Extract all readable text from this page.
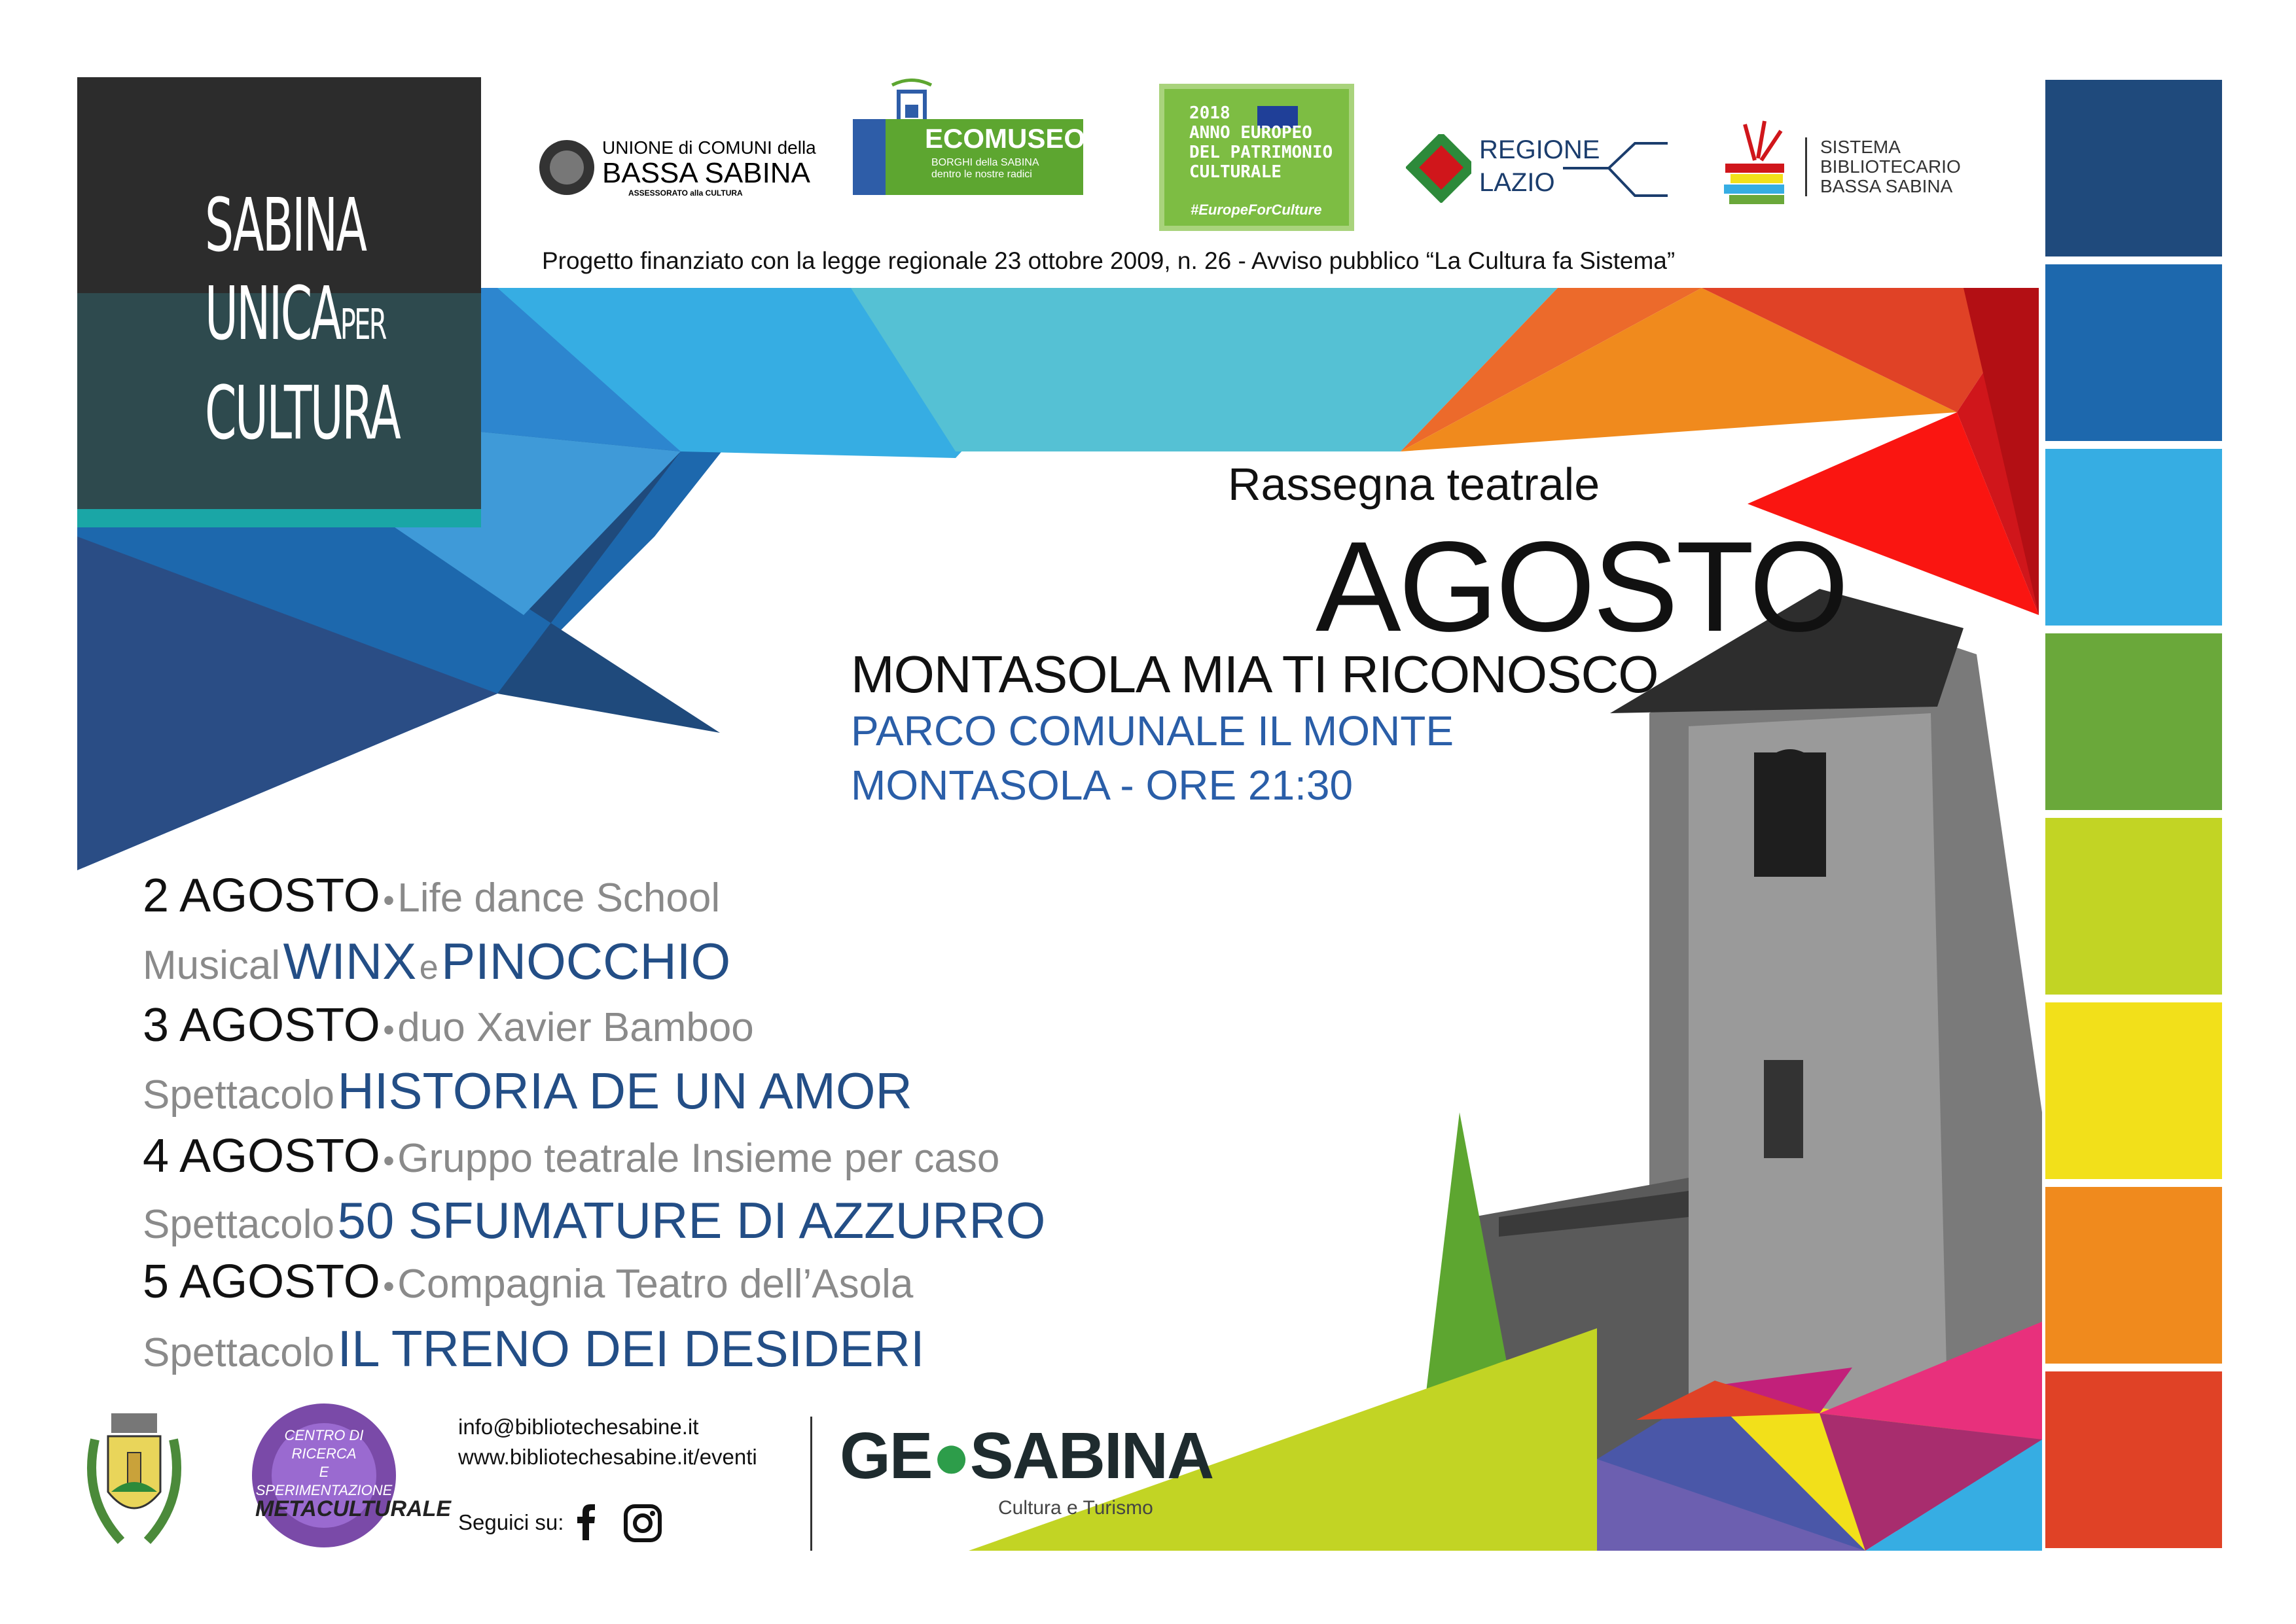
SABINA
UNICAPER
CULTURA
UNIONE di COMUNI della
BASSA SABINA
ASSESSORATO alla CULTURA
ECOMUSEO
BORGHI della SABINA
dentro le nostre radici
2018
ANNO EUROPEO
DEL PATRIMONIO
CULTURALE
#EuropeForCulture
REGIONE
LAZIO
SISTEMA
BIBLIOTECARIO
BASSA SABINA
Progetto finanziato con la legge regionale 23 ottobre 2009, n. 26 - Avviso pubblico “La Cultura fa Sistema”
Rassegna teatrale
AGOSTO
MONTASOLA MIA TI RICONOSCO
PARCO COMUNALE IL MONTE
MONTASOLA - ORE 21:30
2 AGOSTO • Life dance School
Musical WINX e PINOCCHIO
3 AGOSTO • duo Xavier Bamboo
Spettacolo HISTORIA DE UN AMOR
4 AGOSTO • Gruppo teatrale Insieme per caso
Spettacolo 50 SFUMATURE DI AZZURRO
5 AGOSTO • Compagnia Teatro dell’Asola
Spettacolo IL TRENO DEI DESIDERI
CENTRO DI RICERCA
E SPERIMENTAZIONE
METACULTURALE
info@bibliotechesabine.it
www.bibliotechesabine.it/eventi
Seguici su:
GE●SABINA
Cultura e Turismo
